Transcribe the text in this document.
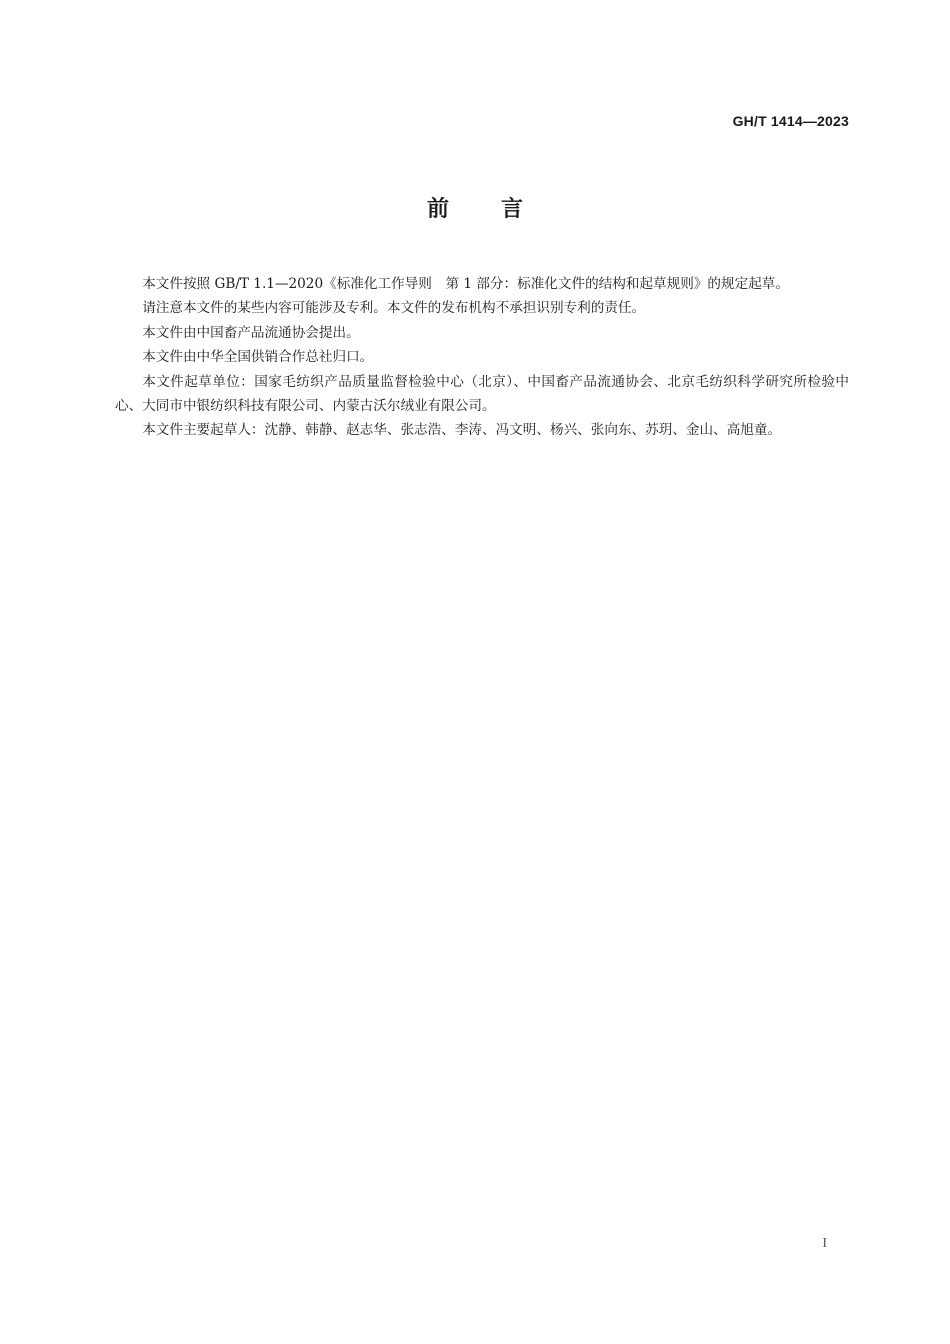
GH/T 1414—2023
前言

本文件按照 GB/T 1.1—2020《标准化工作导则　第 1 部分：标准化文件的结构和起草规则》的规定起草。

请注意本文件的某些内容可能涉及专利。本文件的发布机构不承担识别专利的责任。

本文件由中国畜产品流通协会提出。

本文件由中华全国供销合作总社归口。

本文件起草单位：国家毛纺织产品质量监督检验中心（北京）、中国畜产品流通协会、北京毛纺织科学研究所检验中心、大同市中银纺织科技有限公司、内蒙古沃尔绒业有限公司。

本文件主要起草人：沈静、韩静、赵志华、张志浩、李涛、冯文明、杨兴、张向东、苏玥、金山、高旭童。

I
